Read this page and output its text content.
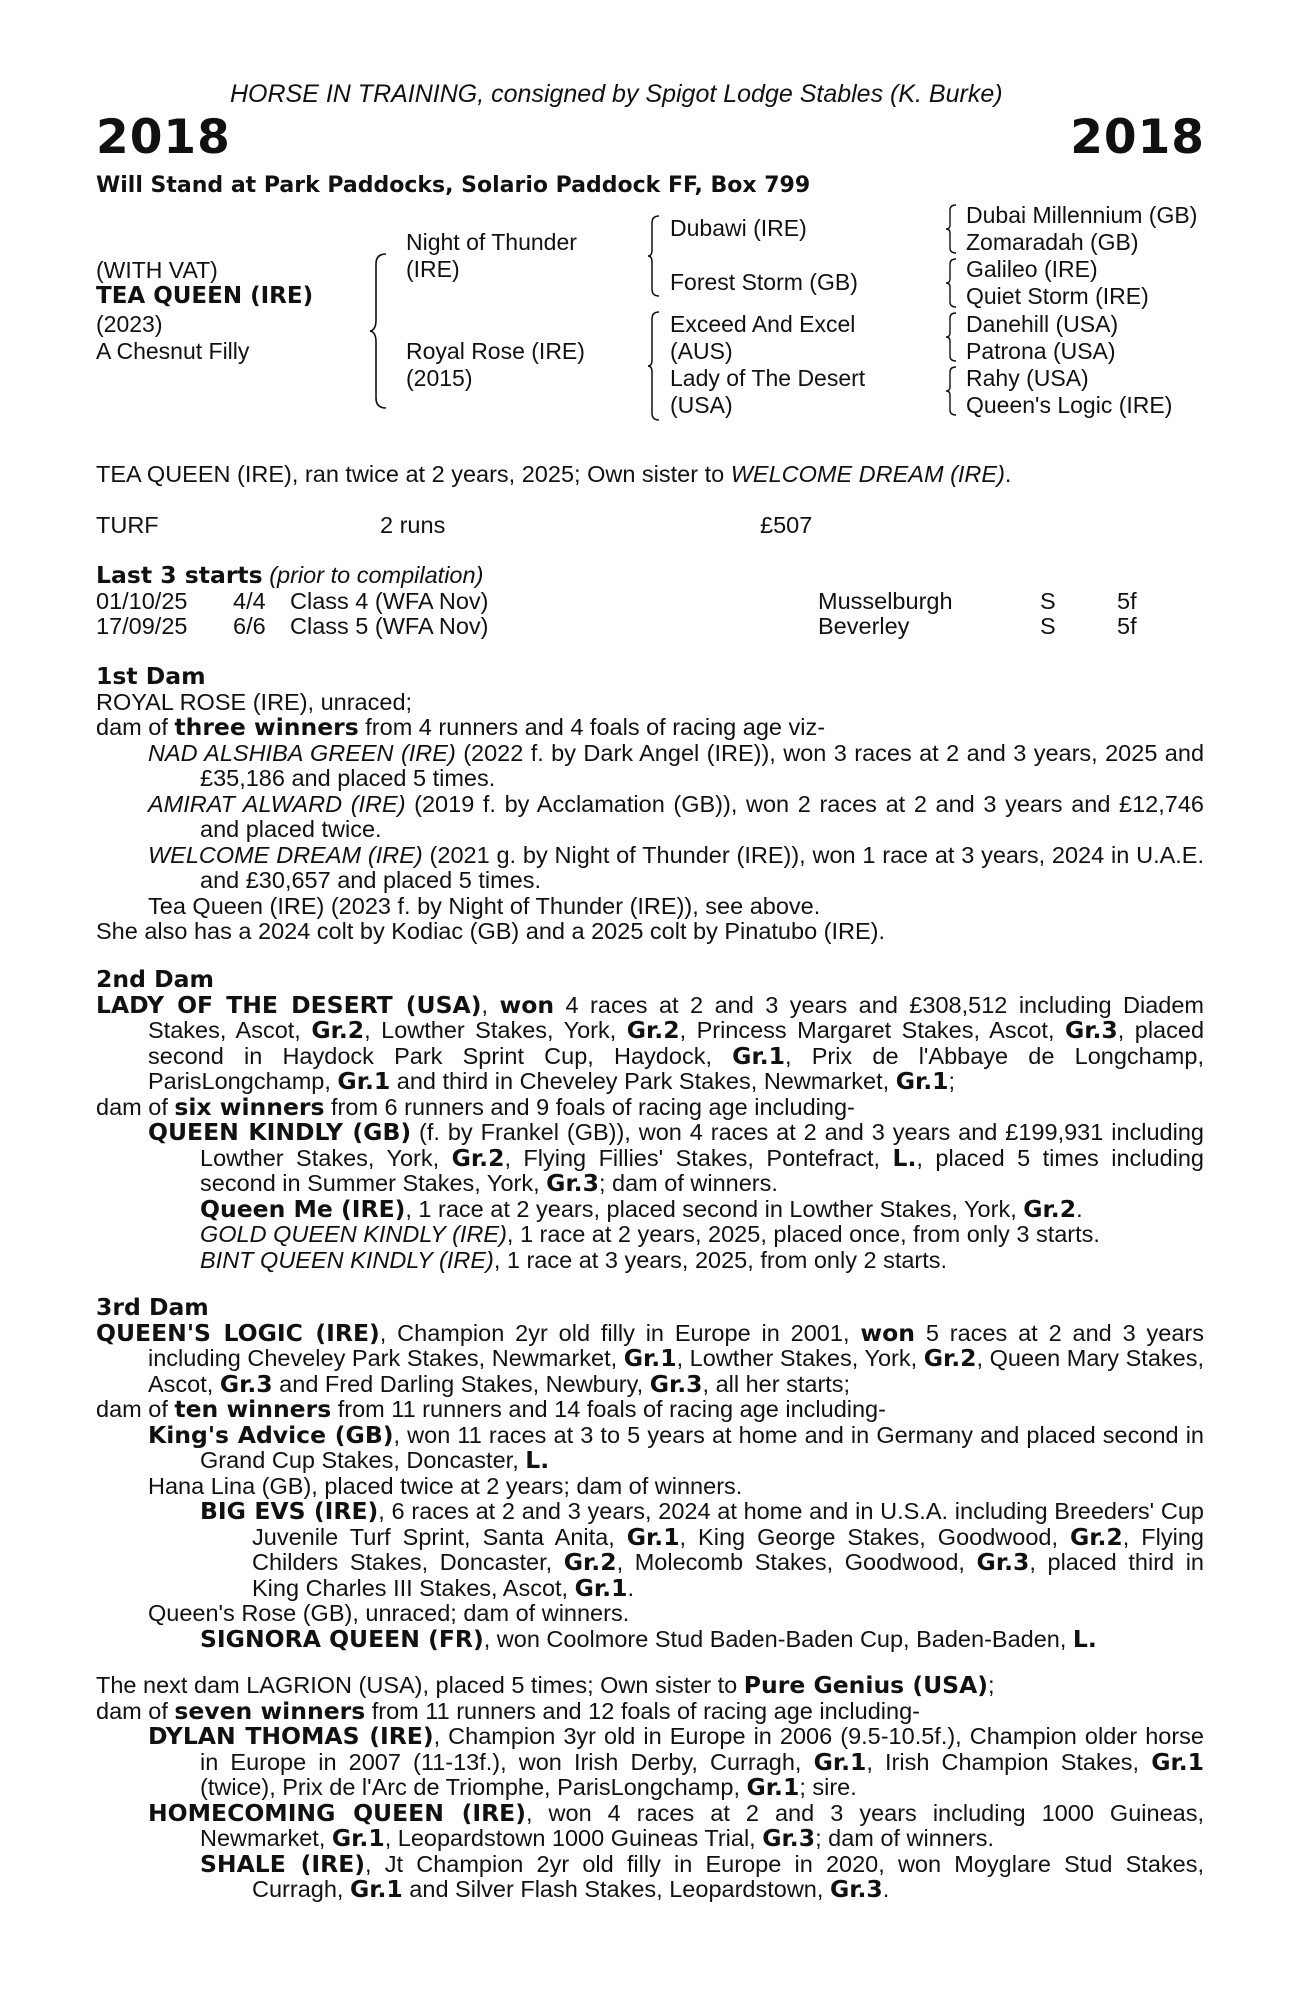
HORSE IN TRAINING, consigned by Spigot Lodge Stables (K. Burke)
2018	2018
Will Stand at Park Paddocks, Solario Paddock FF, Box 799
(WITH VAT)
TEA QUEEN (IRE)
(2023)
A Chesnut Filly
Night of Thunder
(IRE)
Royal Rose (IRE)
(2015)
Dubawi (IRE)
Forest Storm (GB)
Exceed And Excel
(AUS)
Lady of The Desert
(USA)
Dubai Millennium (GB)
Zomaradah (GB)
Galileo (IRE)
Quiet Storm (IRE)
Danehill (USA)
Patrona (USA)
Rahy (USA)
Queen's Logic (IRE)
TEA QUEEN (IRE), ran twice at 2 years, 2025; Own sister to WELCOME DREAM (IRE).
TURF	2 runs	£507
Last 3 starts (prior to compilation)
01/10/25 4/4 Class 4 (WFA Nov)	Musselburgh	S	5f
17/09/25 6/6 Class 5 (WFA Nov)	Beverley	S	5f

1st Dam

ROYAL ROSE (IRE), unraced;

dam of three winners from 4 runners and 4 foals of racing age viz-

NAD ALSHIBA GREEN (IRE) (2022 f. by Dark Angel (IRE)), won 3 races at 2 and 3 years, 2025 and £35,186 and placed 5 times.

AMIRAT ALWARD (IRE) (2019 f. by Acclamation (GB)), won 2 races at 2 and 3 years and £12,746 and placed twice.

WELCOME DREAM (IRE) (2021 g. by Night of Thunder (IRE)), won 1 race at 3 years, 2024 in U.A.E. and £30,657 and placed 5 times.

Tea Queen (IRE) (2023 f. by Night of Thunder (IRE)), see above.

She also has a 2024 colt by Kodiac (GB) and a 2025 colt by Pinatubo (IRE).

2nd Dam

LADY OF THE DESERT (USA), won 4 races at 2 and 3 years and £308,512 including Diadem Stakes, Ascot, Gr.2, Lowther Stakes, York, Gr.2, Princess Margaret Stakes, Ascot, Gr.3, placed second in Haydock Park Sprint Cup, Haydock, Gr.1, Prix de l'Abbaye de Longchamp, ParisLongchamp, Gr.1 and third in Cheveley Park Stakes, Newmarket, Gr.1;

dam of six winners from 6 runners and 9 foals of racing age including-

QUEEN KINDLY (GB) (f. by Frankel (GB)), won 4 races at 2 and 3 years and £199,931 including Lowther Stakes, York, Gr.2, Flying Fillies' Stakes, Pontefract, L., placed 5 times including second in Summer Stakes, York, Gr.3; dam of winners.

Queen Me (IRE), 1 race at 2 years, placed second in Lowther Stakes, York, Gr.2.

GOLD QUEEN KINDLY (IRE), 1 race at 2 years, 2025, placed once, from only 3 starts.

BINT QUEEN KINDLY (IRE), 1 race at 3 years, 2025, from only 2 starts.

3rd Dam

QUEEN'S LOGIC (IRE), Champion 2yr old filly in Europe in 2001, won 5 races at 2 and 3 years including Cheveley Park Stakes, Newmarket, Gr.1, Lowther Stakes, York, Gr.2, Queen Mary Stakes, Ascot, Gr.3 and Fred Darling Stakes, Newbury, Gr.3, all her starts;

dam of ten winners from 11 runners and 14 foals of racing age including-

King's Advice (GB), won 11 races at 3 to 5 years at home and in Germany and placed second in Grand Cup Stakes, Doncaster, L.

Hana Lina (GB), placed twice at 2 years; dam of winners.

BIG EVS (IRE), 6 races at 2 and 3 years, 2024 at home and in U.S.A. including Breeders' Cup Juvenile Turf Sprint, Santa Anita, Gr.1, King George Stakes, Goodwood, Gr.2, Flying Childers Stakes, Doncaster, Gr.2, Molecomb Stakes, Goodwood, Gr.3, placed third in King Charles III Stakes, Ascot, Gr.1.

Queen's Rose (GB), unraced; dam of winners.

SIGNORA QUEEN (FR), won Coolmore Stud Baden-Baden Cup, Baden-Baden, L.

The next dam LAGRION (USA), placed 5 times; Own sister to Pure Genius (USA);

dam of seven winners from 11 runners and 12 foals of racing age including-

DYLAN THOMAS (IRE), Champion 3yr old in Europe in 2006 (9.5-10.5f.), Champion older horse in Europe in 2007 (11-13f.), won Irish Derby, Curragh, Gr.1, Irish Champion Stakes, Gr.1 (twice), Prix de l'Arc de Triomphe, ParisLongchamp, Gr.1; sire.

HOMECOMING QUEEN (IRE), won 4 races at 2 and 3 years including 1000 Guineas, Newmarket, Gr.1, Leopardstown 1000 Guineas Trial, Gr.3; dam of winners.

SHALE (IRE), Jt Champion 2yr old filly in Europe in 2020, won Moyglare Stud Stakes, Curragh, Gr.1 and Silver Flash Stakes, Leopardstown, Gr.3.
